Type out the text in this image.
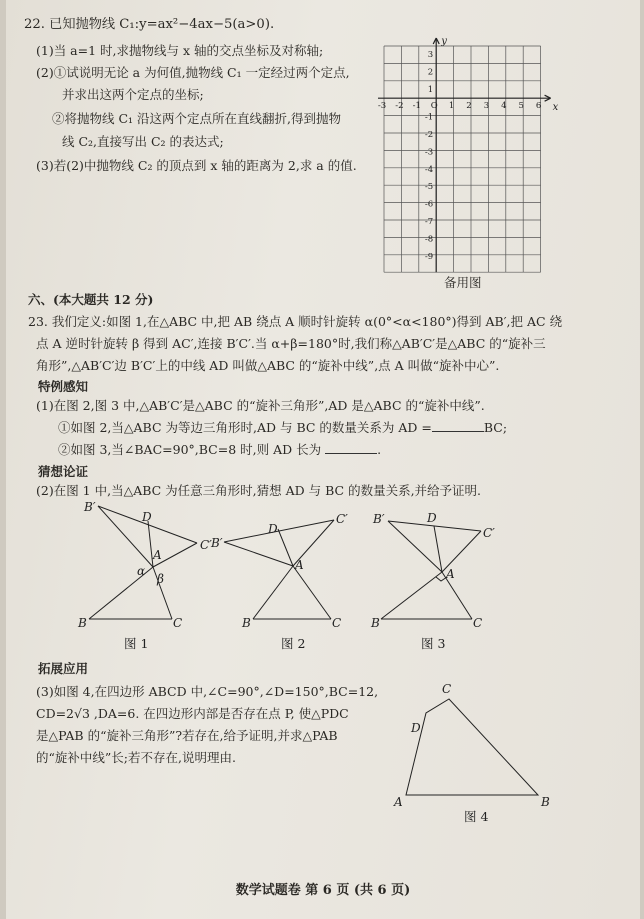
22. 已知抛物线 C₁:y=ax²−4ax−5(a>0).
(1)当 a=1 时,求抛物线与 x 轴的交点坐标及对称轴;
(2)①试说明无论 a 为何值,抛物线 C₁ 一定经过两个定点,
并求出这两个定点的坐标;
②将抛物线 C₁ 沿这两个定点所在直线翻折,得到抛物
线 C₂,直接写出 C₂ 的表达式;
(3)若(2)中抛物线 C₂ 的顶点到 x 轴的距离为 2,求 a 的值.
-3 -2 -1 O 1 2 3 4 5 6
3
2
1
-1
-2
-3
-4
-5
-6
-7
-8
-9
x
y
备用图
六、(本大题共 12 分)
23. 我们定义:如图 1,在△ABC 中,把 AB 绕点 A 顺时针旋转 α(0°<α<180°)得到 AB′,把 AC 绕
点 A 逆时针旋转 β 得到 AC′,连接 B′C′.当 α+β=180°时,我们称△AB′C′是△ABC 的“旋补三
角形”,△AB′C′边 B′C′上的中线 AD 叫做△ABC 的“旋补中线”,点 A 叫做“旋补中心”.
特例感知
(1)在图 2,图 3 中,△AB′C′是△ABC 的“旋补三角形”,AD 是△ABC 的“旋补中线”.
①如图 2,当△ABC 为等边三角形时,AD 与 BC 的数量关系为 AD =	BC;
②如图 3,当∠BAC=90°,BC=8 时,则 AD 长为	.
猜想论证
(2)在图 1 中,当△ABC 为任意三角形时,猜想 AD 与 BC 的数量关系,并给予证明.
B′
D
C′
A
α
β
B	C
B′
D
C′
A
B	C
B′	D
C′
A
B	C
图 1	图 2	图 3
拓展应用
(3)如图 4,在四边形 ABCD 中,∠C=90°,∠D=150°,BC=12,
CD=2√3 ,DA=6. 在四边形内部是否存在点 P, 使△PDC
是△PAB 的“旋补三角形”?若存在,给予证明,并求△PAB
的“旋补中线”长;若不存在,说明理由.
C
D
A	B
图 4
数学试题卷 第 6 页 (共 6 页)
